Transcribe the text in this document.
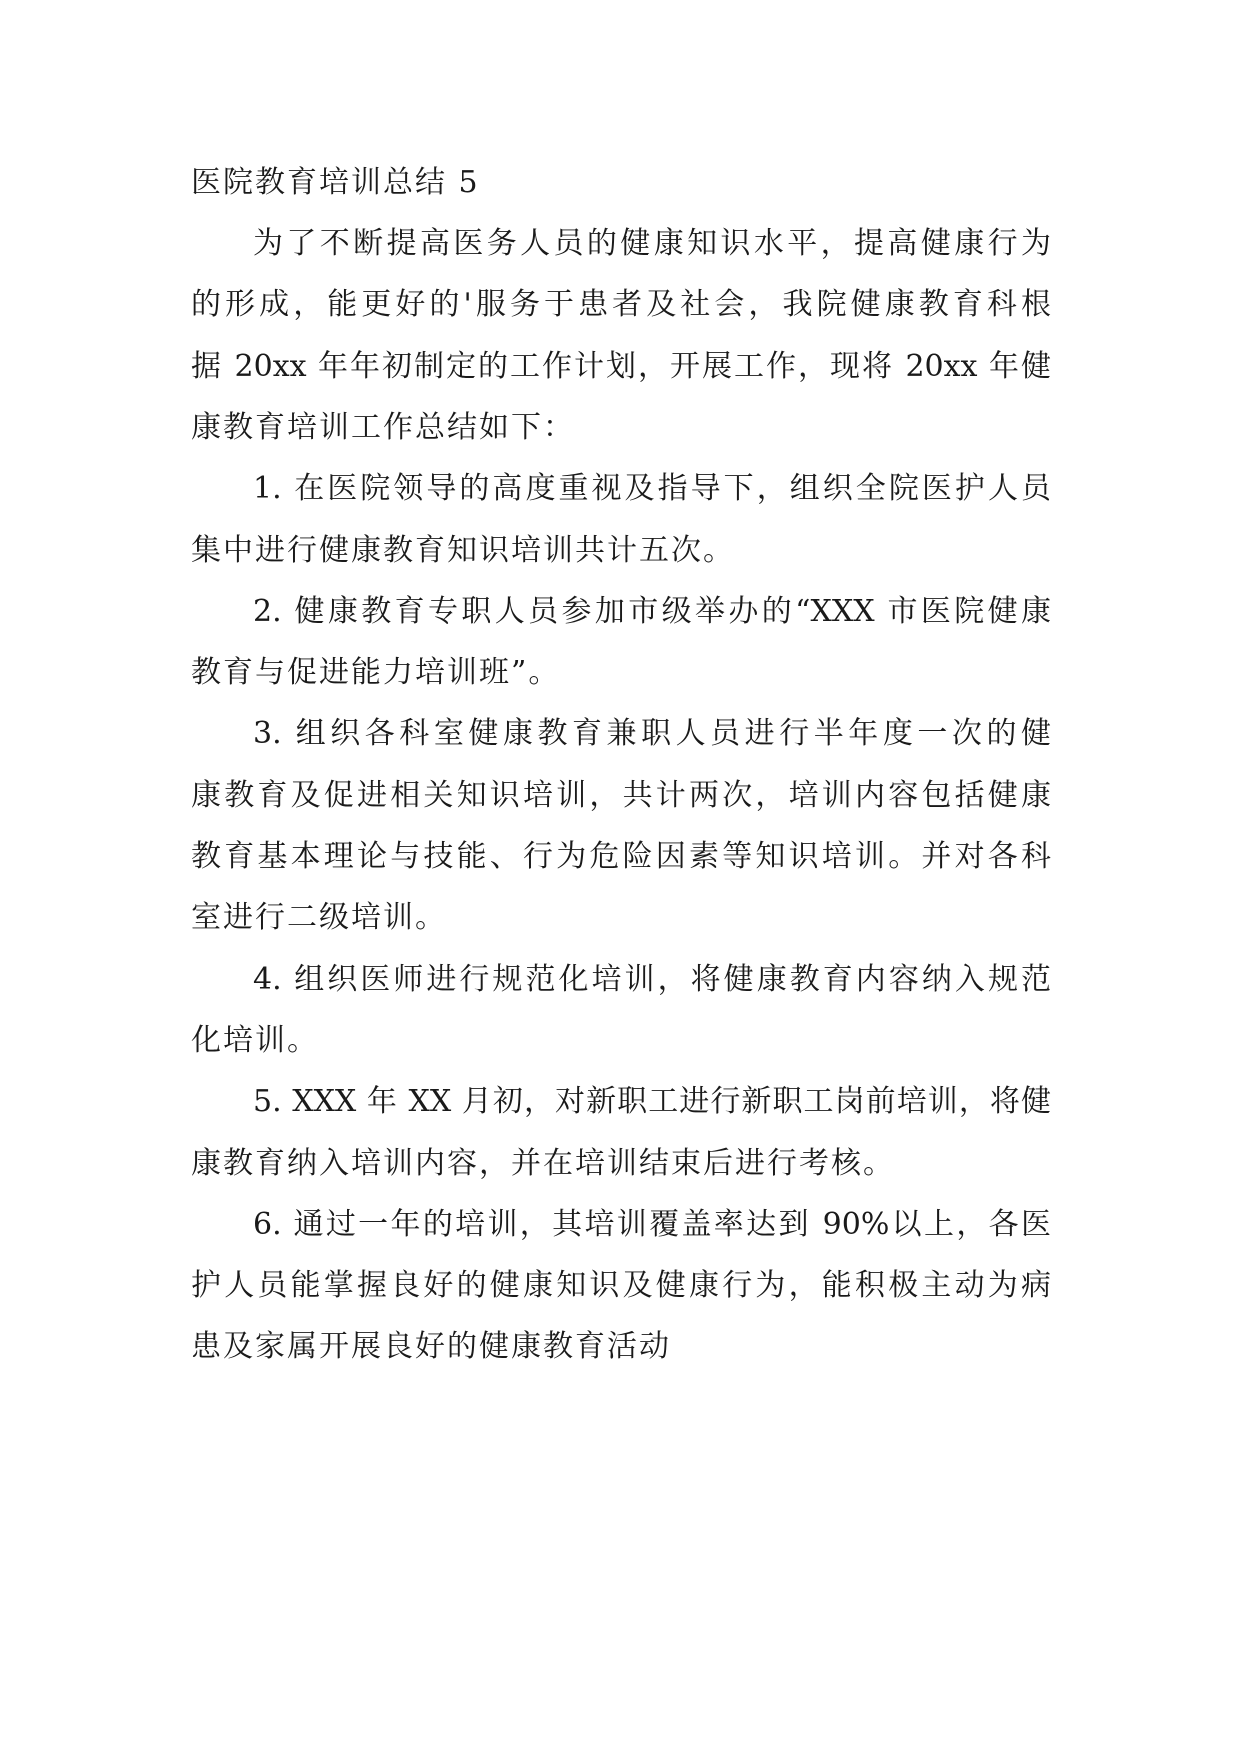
医院教育培训总结 5
为了不断提高医务人员的健康知识水平，提高健康行为
的形成，能更好的'服务于患者及社会，我院健康教育科根
据 20xx 年年初制定的工作计划，开展工作，现将 20xx 年健
康教育培训工作总结如下：
1. 在医院领导的高度重视及指导下，组织全院医护人员
集中进行健康教育知识培训共计五次。
2. 健康教育专职人员参加市级举办的“XXX 市医院健康
教育与促进能力培训班”。
3. 组织各科室健康教育兼职人员进行半年度一次的健
康教育及促进相关知识培训，共计两次，培训内容包括健康
教育基本理论与技能、行为危险因素等知识培训。并对各科
室进行二级培训。
4. 组织医师进行规范化培训，将健康教育内容纳入规范
化培训。
5. XXX 年 XX 月初，对新职工进行新职工岗前培训，将健
康教育纳入培训内容，并在培训结束后进行考核。
6. 通过一年的培训，其培训覆盖率达到 90%以上，各医
护人员能掌握良好的健康知识及健康行为，能积极主动为病
患及家属开展良好的健康教育活动
